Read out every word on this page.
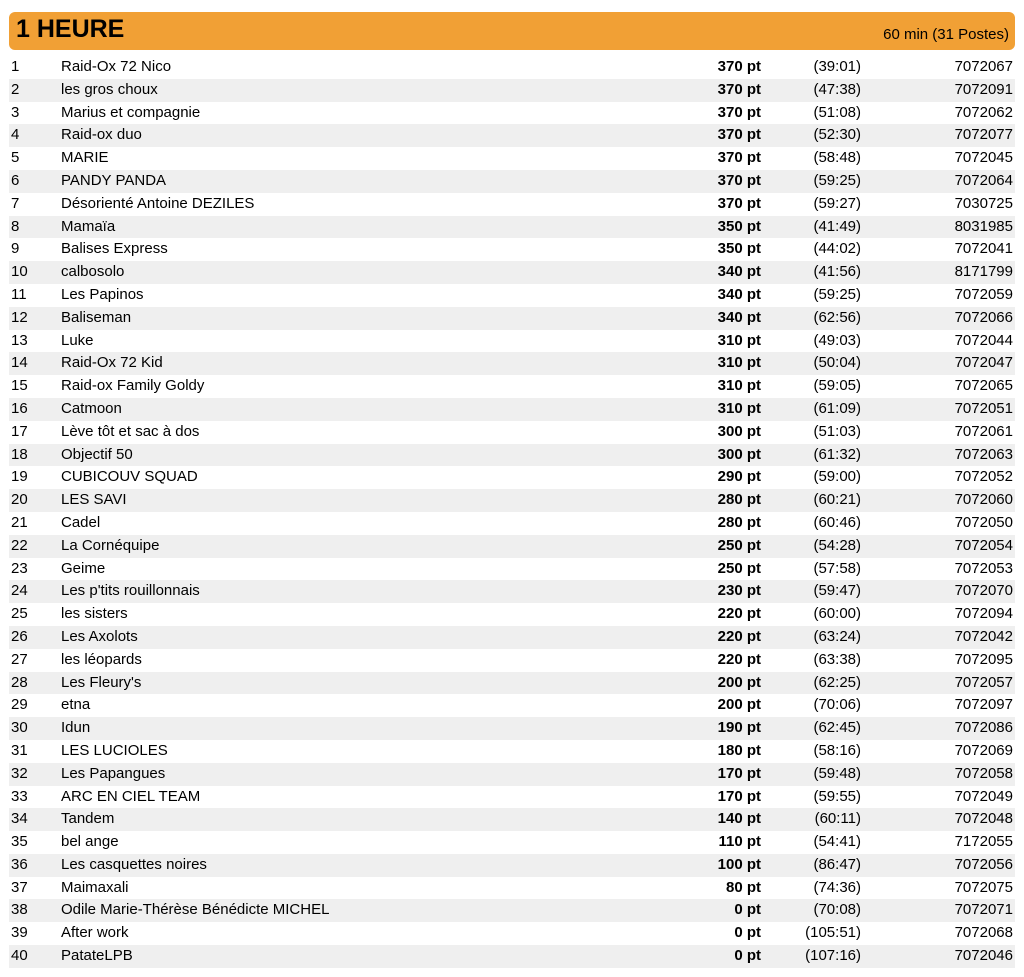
1 HEURE	60 min (31 Postes)
1	Raid-Ox 72 Nico	370 pt	(39:01)	7072067
2	les gros choux	370 pt	(47:38)	7072091
3	Marius et compagnie	370 pt	(51:08)	7072062
4	Raid-ox duo	370 pt	(52:30)	7072077
5	MARIE	370 pt	(58:48)	7072045
6	PANDY PANDA	370 pt	(59:25)	7072064
7	Désorienté Antoine DEZILES	370 pt	(59:27)	7030725
8	Mamaïa	350 pt	(41:49)	8031985
9	Balises Express	350 pt	(44:02)	7072041
10 calbosolo	340 pt	(41:56)	8171799
11 Les Papinos	340 pt	(59:25)	7072059
12 Baliseman	340 pt	(62:56)	7072066
13 Luke	310 pt	(49:03)	7072044
14 Raid-Ox 72 Kid	310 pt	(50:04)	7072047
15 Raid-ox Family Goldy	310 pt	(59:05)	7072065
16 Catmoon	310 pt	(61:09)	7072051
17 Lève tôt et sac à dos	300 pt	(51:03)	7072061
18 Objectif 50	300 pt	(61:32)	7072063
19 CUBICOUV SQUAD	290 pt	(59:00)	7072052
20 LES SAVI	280 pt	(60:21)	7072060
21 Cadel	280 pt	(60:46)	7072050
22 La Cornéquipe	250 pt	(54:28)	7072054
23 Geime	250 pt	(57:58)	7072053
24 Les p'tits rouillonnais	230 pt	(59:47)	7072070
25 les sisters	220 pt	(60:00)	7072094
26 Les Axolots	220 pt	(63:24)	7072042
27 les léopards	220 pt	(63:38)	7072095
28 Les Fleury's	200 pt	(62:25)	7072057
29 etna	200 pt	(70:06)	7072097
30 Idun	190 pt	(62:45)	7072086
31 LES LUCIOLES	180 pt	(58:16)	7072069
32 Les Papangues	170 pt	(59:48)	7072058
33 ARC EN CIEL TEAM	170 pt	(59:55)	7072049
34 Tandem	140 pt	(60:11)	7072048
35 bel ange	110 pt	(54:41)	7172055
36 Les casquettes noires	100 pt	(86:47)	7072056
37 Maimaxali	80 pt	(74:36)	7072075
38 Odile Marie-Thérèse Bénédicte MICHEL	0 pt	(70:08)	7072071
39 After work	0 pt	(105:51)	7072068
40 PatateLPB	0 pt	(107:16)	7072046
